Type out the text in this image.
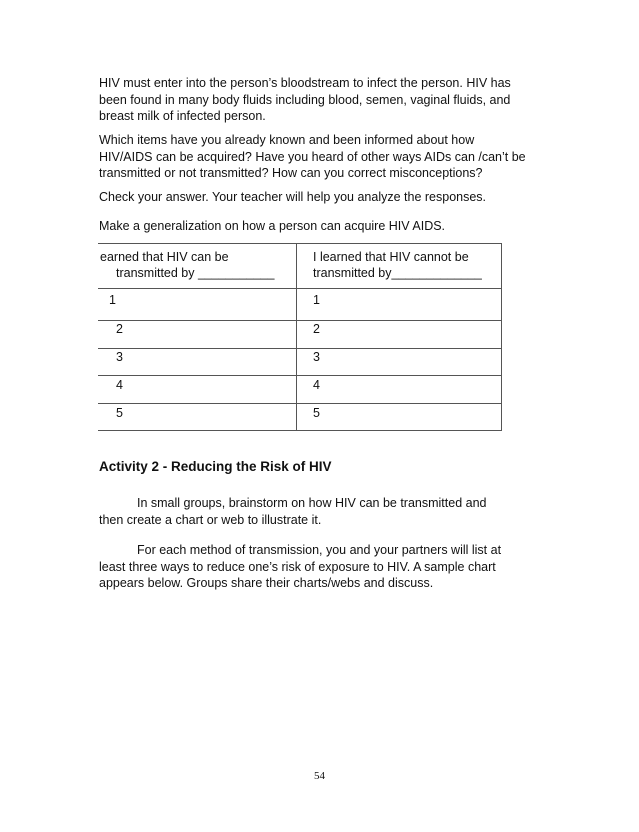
HIV must enter into the person’s bloodstream to infect the person. HIV has been found in many body fluids including blood, semen, vaginal fluids, and breast milk of infected person.
Which items have you already known and been informed about how HIV/AIDS can be acquired? Have you heard of other ways AIDs can /can’t be transmitted or not transmitted? How can you correct misconceptions?
Check your answer. Your teacher will help you analyze the responses.
Make a generalization on how a person can acquire HIV AIDS.
earned that HIV can be
transmitted by ___________
I learned that HIV cannot be
transmitted by_____________
1
2
3
4
5
1
2
3
4
5
Activity 2 - Reducing the Risk of HIV
In small groups, brainstorm on how HIV can be transmitted and then create a chart or web to illustrate it.
For each method of transmission, you and your partners will list at least three ways to reduce one’s risk of exposure to HIV. A sample chart appears below. Groups share their charts/webs and discuss.
54
